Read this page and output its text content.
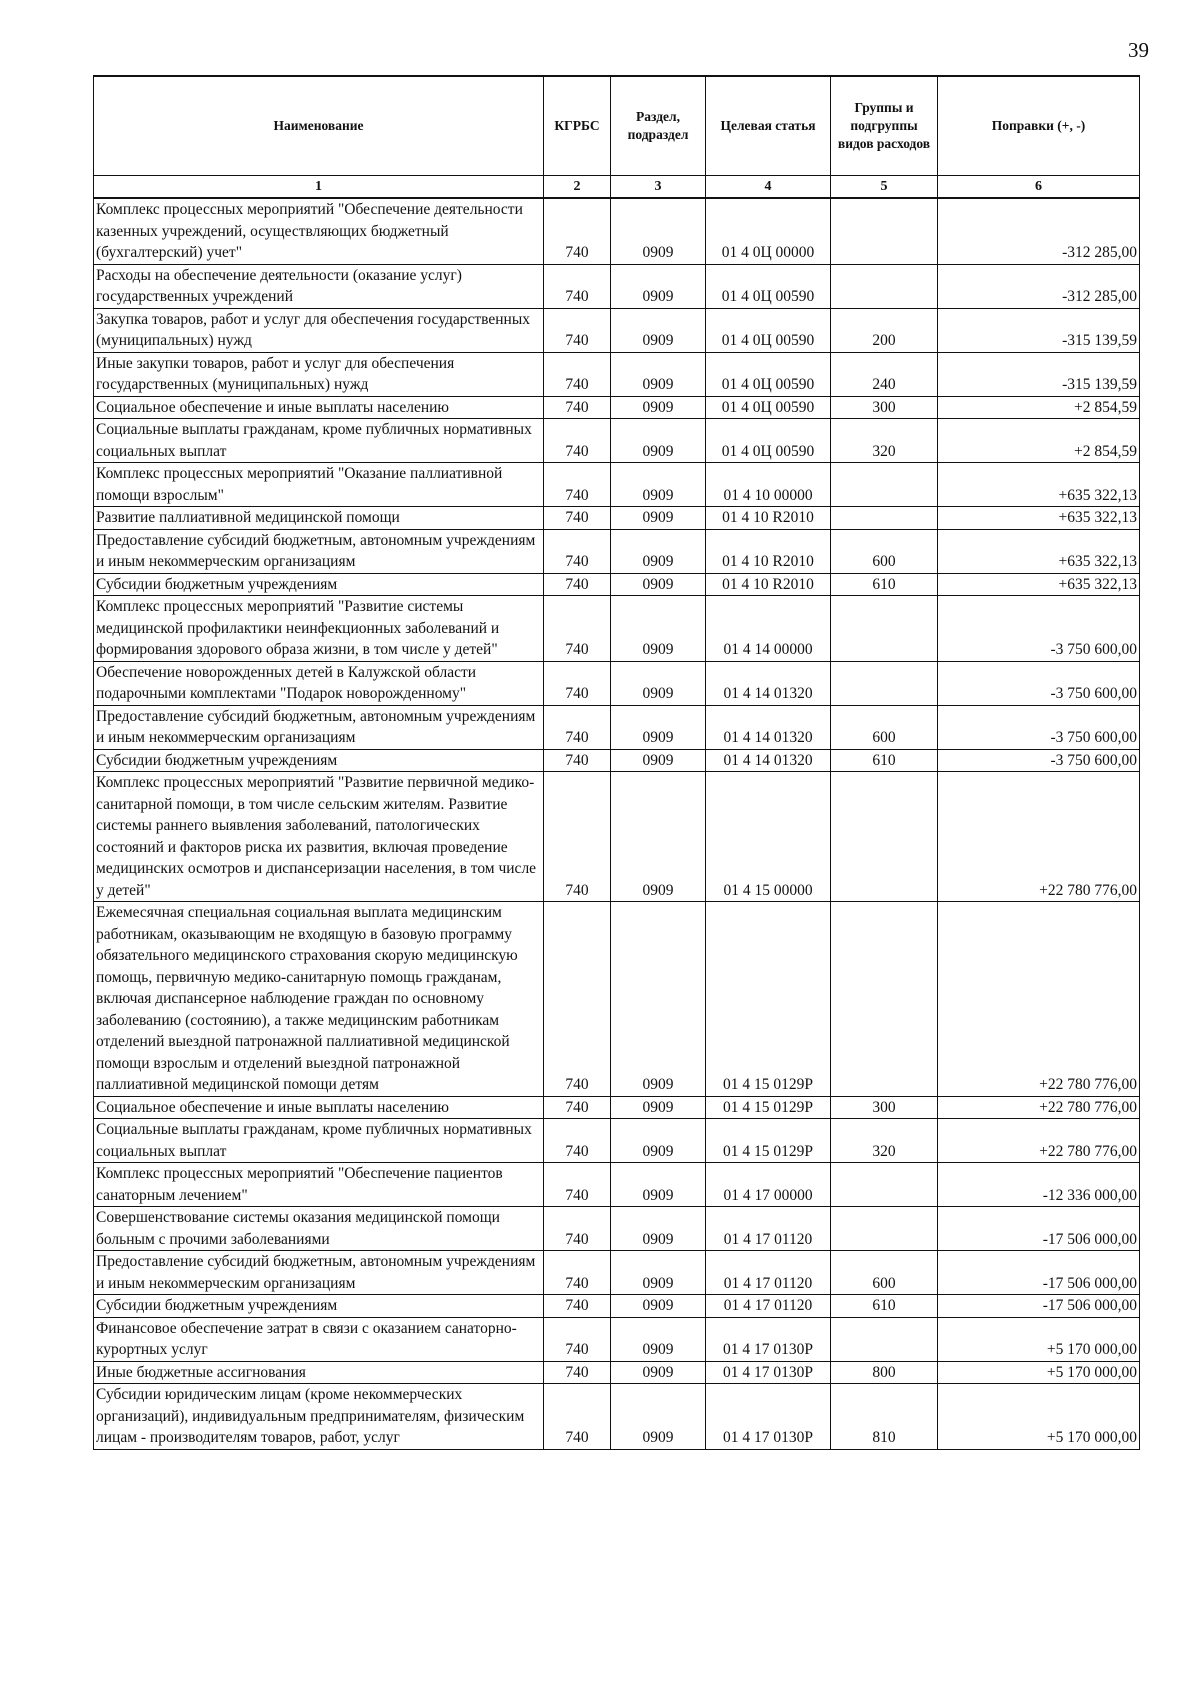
39
Наименование	КГРБС	Раздел, подраздел	Целевая статья	Группы и подгруппы видов расходов	Поправки (+, -)
1	2	3	4	5	6
Комплекс процессных мероприятий "Обеспечение деятельности казенных учреждений, осуществляющих бюджетный (бухгалтерский) учет"	740	0909	01 4 0Ц 00000		-312 285,00
Расходы на обеспечение деятельности (оказание услуг) государственных учреждений	740	0909	01 4 0Ц 00590		-312 285,00
Закупка товаров, работ и услуг для обеспечения государственных (муниципальных) нужд	740	0909	01 4 0Ц 00590	200	-315 139,59
Иные закупки товаров, работ и услуг для обеспечения государственных (муниципальных) нужд	740	0909	01 4 0Ц 00590	240	-315 139,59
Социальное обеспечение и иные выплаты населению	740	0909	01 4 0Ц 00590	300	+2 854,59
Социальные выплаты гражданам, кроме публичных нормативных социальных выплат	740	0909	01 4 0Ц 00590	320	+2 854,59
Комплекс процессных мероприятий "Оказание паллиативной помощи взрослым"	740	0909	01 4 10 00000		+635 322,13
Развитие паллиативной медицинской помощи	740	0909	01 4 10 R2010		+635 322,13
Предоставление субсидий бюджетным, автономным учреждениям и иным некоммерческим организациям	740	0909	01 4 10 R2010	600	+635 322,13
Субсидии бюджетным учреждениям	740	0909	01 4 10 R2010	610	+635 322,13
Комплекс процессных мероприятий "Развитие системы медицинской профилактики неинфекционных заболеваний и формирования здорового образа жизни, в том числе у детей"	740	0909	01 4 14 00000		-3 750 600,00
Обеспечение новорожденных детей в Калужской области подарочными комплектами "Подарок новорожденному"	740	0909	01 4 14 01320		-3 750 600,00
Предоставление субсидий бюджетным, автономным учреждениям и иным некоммерческим организациям	740	0909	01 4 14 01320	600	-3 750 600,00
Субсидии бюджетным учреждениям	740	0909	01 4 14 01320	610	-3 750 600,00
Комплекс процессных мероприятий "Развитие первичной медико-санитарной помощи, в том числе сельским жителям. Развитие системы раннего выявления заболеваний, патологических состояний и факторов риска их развития, включая проведение медицинских осмотров и диспансеризации населения, в том числе у детей"	740	0909	01 4 15 00000		+22 780 776,00
Ежемесячная специальная социальная выплата медицинским работникам, оказывающим не входящую в базовую программу обязательного медицинского страхования скорую медицинскую помощь, первичную медико-санитарную помощь гражданам, включая диспансерное наблюдение граждан по основному заболеванию (состоянию), а также медицинским работникам отделений выездной патронажной паллиативной медицинской помощи взрослым и отделений выездной патронажной паллиативной медицинской помощи детям	740	0909	01 4 15 0129P		+22 780 776,00
Социальное обеспечение и иные выплаты населению	740	0909	01 4 15 0129P	300	+22 780 776,00
Социальные выплаты гражданам, кроме публичных нормативных социальных выплат	740	0909	01 4 15 0129P	320	+22 780 776,00
Комплекс процессных мероприятий "Обеспечение пациентов санаторным лечением"	740	0909	01 4 17 00000		-12 336 000,00
Совершенствование системы оказания медицинской помощи больным с прочими заболеваниями	740	0909	01 4 17 01120		-17 506 000,00
Предоставление субсидий бюджетным, автономным учреждениям и иным некоммерческим организациям	740	0909	01 4 17 01120	600	-17 506 000,00
Субсидии бюджетным учреждениям	740	0909	01 4 17 01120	610	-17 506 000,00
Финансовое обеспечение затрат в связи с оказанием санаторно-курортных услуг	740	0909	01 4 17 0130P		+5 170 000,00
Иные бюджетные ассигнования	740	0909	01 4 17 0130P	800	+5 170 000,00
Субсидии юридическим лицам (кроме некоммерческих организаций), индивидуальным предпринимателям, физическим лицам - производителям товаров, работ, услуг	740	0909	01 4 17 0130P	810	+5 170 000,00
